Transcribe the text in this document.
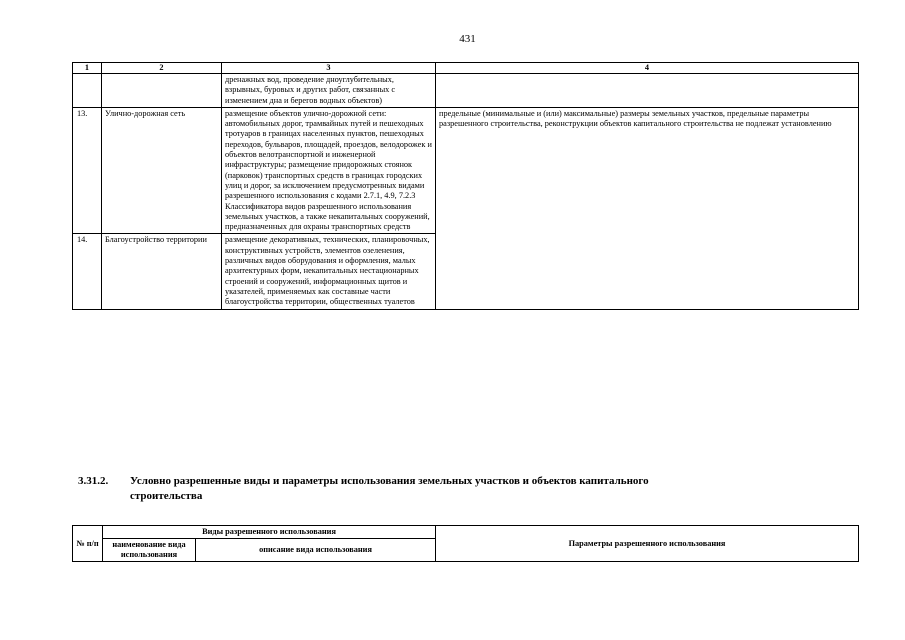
431
1	2	3	4
		дренажных вод, проведение дноуглубительных, взрывных, буровых и других работ, связанных с изменением дна и берегов водных объектов)	
13.	Улично-дорожная сеть	размещение объектов улично-дорожной сети: автомобильных дорог, трамвайных путей и пешеходных тротуаров в границах населенных пунктов, пешеходных переходов, бульваров, площадей, проездов, велодорожек и объектов велотранспортной и инженерной инфраструктуры; размещение придорожных стоянок (парковок) транспортных средств в границах городских улиц и дорог, за исключением предусмотренных видами разрешенного использования с кодами 2.7.1, 4.9, 7.2.3 Классификатора видов разрешенного использования земельных участков, а также некапитальных сооружений, предназначенных для охраны транспортных средств	предельные (минимальные и (или) максимальные) размеры земельных участков, предельные параметры разрешенного строительства, реконструкции объектов капитального строительства не подлежат установлению
14.	Благоустройство территории	размещение декоративных, технических, планировочных, конструктивных устройств, элементов озеленения, различных видов оборудования и оформления, малых архитектурных форм, некапитальных нестационарных строений и сооружений, информационных щитов и указателей, применяемых как составные части благоустройства территории, общественных туалетов	
3.31.2. Условно разрешенные виды и параметры использования земельных участков и объектов капитального
строительства
№ п/п	Виды разрешенного использования		Параметры разрешенного использования
	наименование вида использования	описание вида использования	
